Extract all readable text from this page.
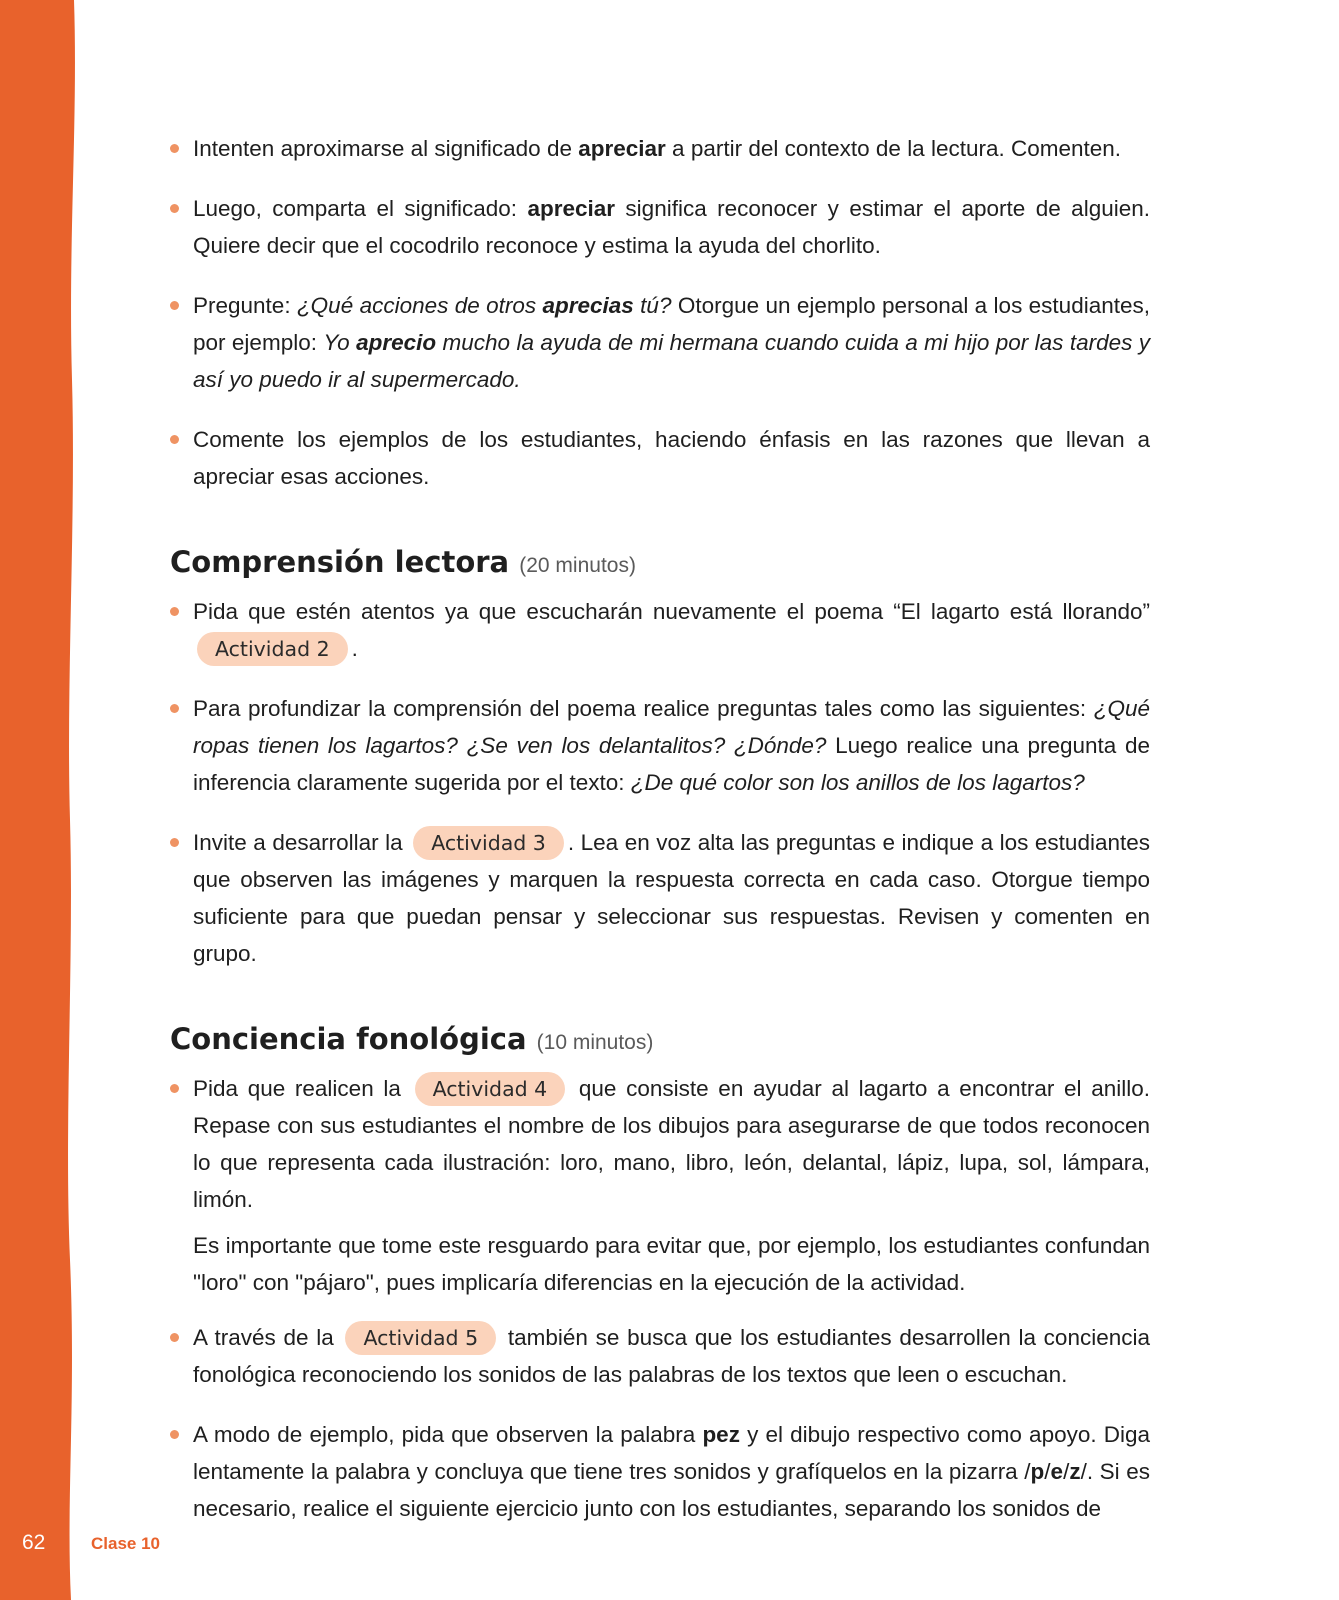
62	Clase 10
Intenten aproximarse al significado de apreciar a partir del contexto de la lectura. Comenten.
Luego, comparta el significado: apreciar significa reconocer y estimar el aporte de alguien. Quiere decir que el cocodrilo reconoce y estima la ayuda del chorlito.
Pregunte: ¿Qué acciones de otros aprecias tú? Otorgue un ejemplo personal a los estudiantes, por ejemplo: Yo aprecio mucho la ayuda de mi hermana cuando cuida a mi hijo por las tardes y así yo puedo ir al supermercado.
Comente los ejemplos de los estudiantes, haciendo énfasis en las razones que llevan a apreciar esas acciones.
Comprensión lectora (20 minutos)
Pida que estén atentos ya que escucharán nuevamente el poema “El lagarto está llorando” Actividad 2 .
Para profundizar la comprensión del poema realice preguntas tales como las siguientes: ¿Qué ropas tienen los lagartos? ¿Se ven los delantalitos? ¿Dónde? Luego realice una pregunta de inferencia claramente sugerida por el texto: ¿De qué color son los anillos de los lagartos?
Invite a desarrollar la Actividad 3 . Lea en voz alta las preguntas e indique a los estudiantes que observen las imágenes y marquen la respuesta correcta en cada caso. Otorgue tiempo suficiente para que puedan pensar y seleccionar sus respuestas. Revisen y comenten en grupo.
Conciencia fonológica (10 minutos)
Pida que realicen la Actividad 4 que consiste en ayudar al lagarto a encontrar el anillo. Repase con sus estudiantes el nombre de los dibujos para asegurarse de que todos reconocen lo que representa cada ilustración: loro, mano, libro, león, delantal, lápiz, lupa, sol, lámpara, limón.

Es importante que tome este resguardo para evitar que, por ejemplo, los estudiantes confundan "loro" con "pájaro", pues implicaría diferencias en la ejecución de la actividad.

A través de la Actividad 5 también se busca que los estudiantes desarrollen la conciencia fonológica reconociendo los sonidos de las palabras de los textos que leen o escuchan.
A modo de ejemplo, pida que observen la palabra pez y el dibujo respectivo como apoyo. Diga lentamente la palabra y concluya que tiene tres sonidos y grafíquelos en la pizarra /p/e/z/. Si es necesario, realice el siguiente ejercicio junto con los estudiantes, separando los sonidos de
